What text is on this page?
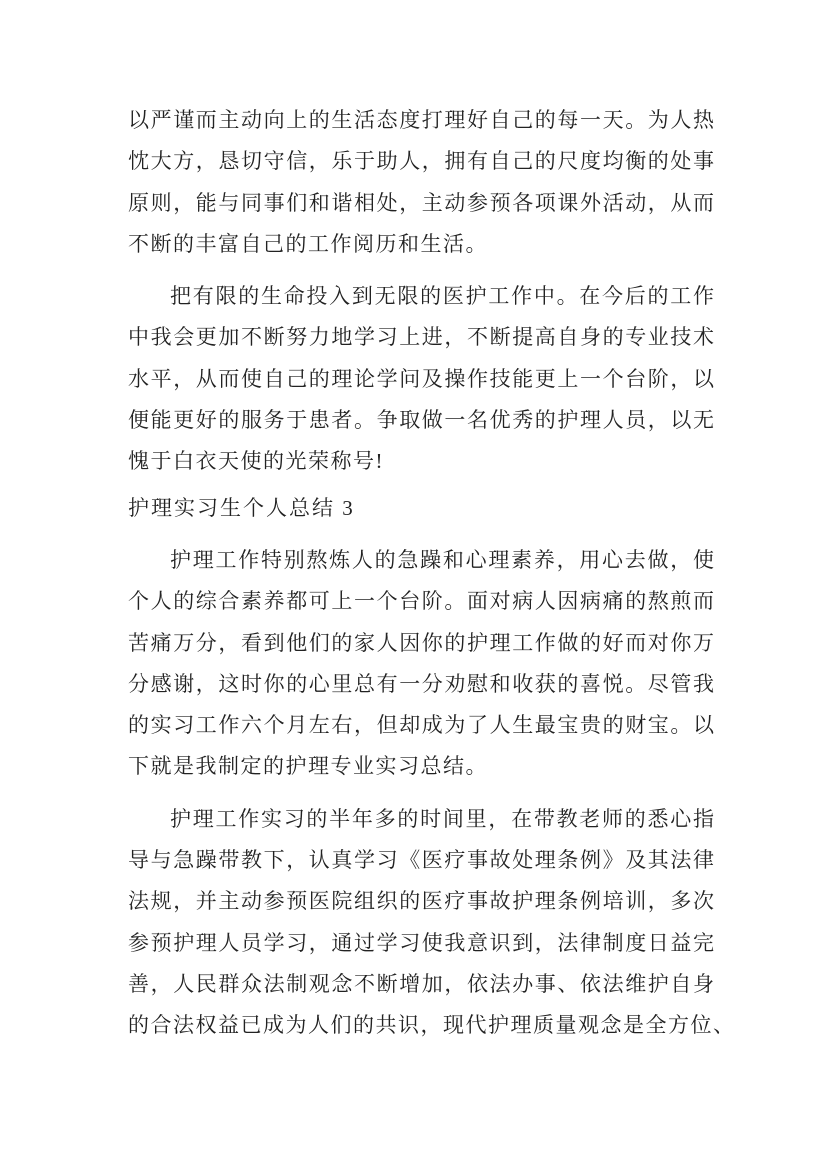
以严谨而主动向上的生活态度打理好自己的每一天。为人热
忱大方，恳切守信，乐于助人，拥有自己的尺度均衡的处事
原则，能与同事们和谐相处，主动参预各项课外活动，从而
不断的丰富自己的工作阅历和生活。
把有限的生命投入到无限的医护工作中。在今后的工作
中我会更加不断努力地学习上进，不断提高自身的专业技术
水平，从而使自己的理论学问及操作技能更上一个台阶，以
便能更好的服务于患者。争取做一名优秀的护理人员，以无
愧于白衣天使的光荣称号!
护理实习生个人总结 3
护理工作特别熬炼人的急躁和心理素养，用心去做，使
个人的综合素养都可上一个台阶。面对病人因病痛的熬煎而
苦痛万分，看到他们的家人因你的护理工作做的好而对你万
分感谢，这时你的心里总有一分劝慰和收获的喜悦。尽管我
的实习工作六个月左右，但却成为了人生最宝贵的财宝。以
下就是我制定的护理专业实习总结。
护理工作实习的半年多的时间里，在带教老师的悉心指
导与急躁带教下，认真学习《医疗事故处理条例》及其法律
法规，并主动参预医院组织的医疗事故护理条例培训，多次
参预护理人员学习，通过学习使我意识到，法律制度日益完
善，人民群众法制观念不断增加，依法办事、依法维护自身
的合法权益已成为人们的共识，现代护理质量观念是全方位、
